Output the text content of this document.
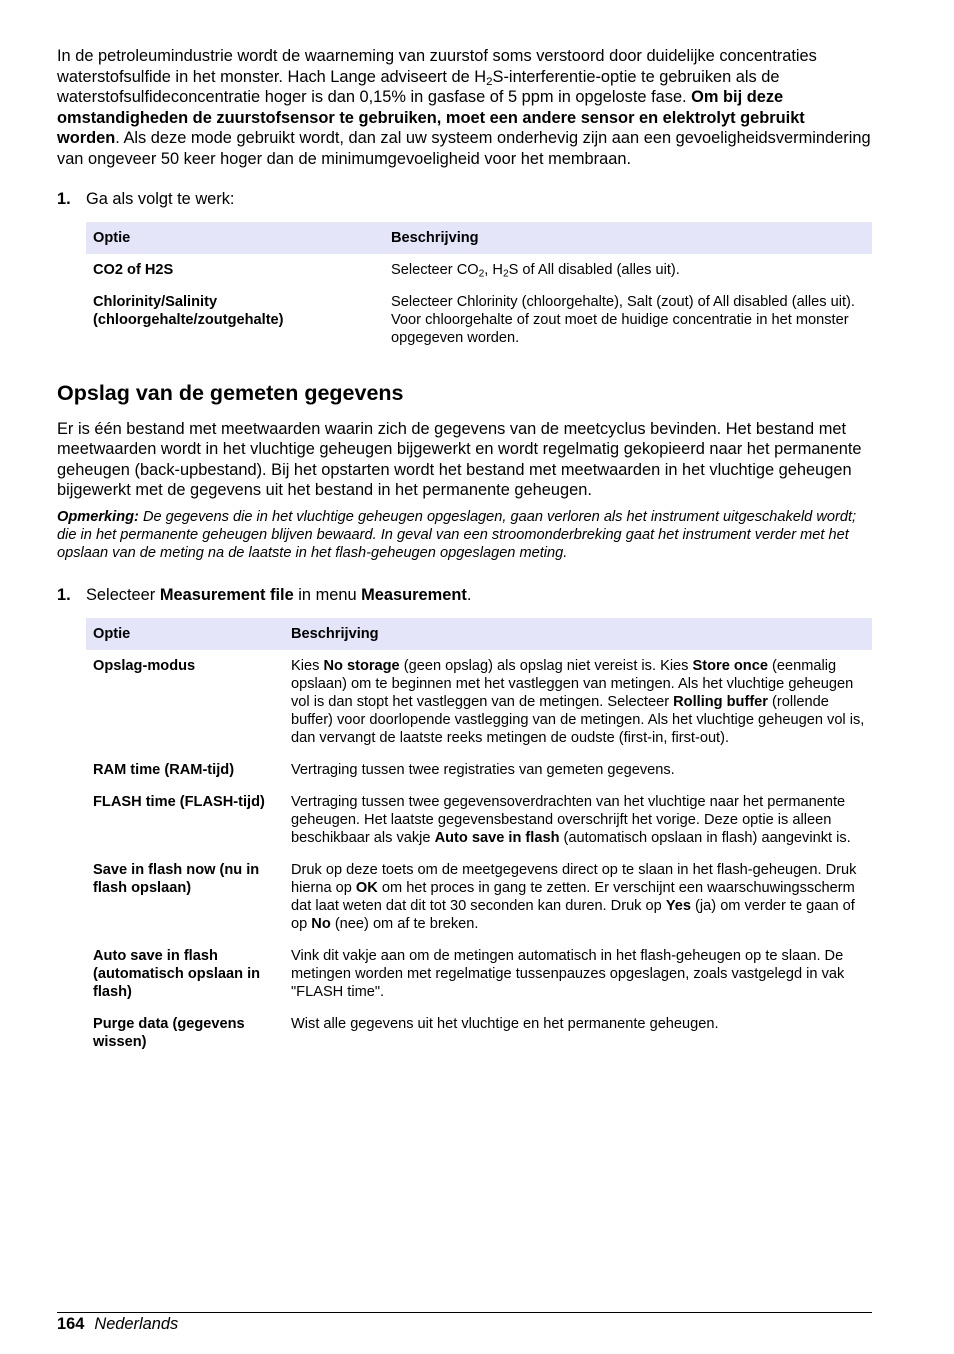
In de petroleumindustrie wordt de waarneming van zuurstof soms verstoord door duidelijke concentraties waterstofsulfide in het monster. Hach Lange adviseert de $H_2S-interferentie$-optie te gebruiken als de waterstofsulfideconcentratie hoger is dan 0,15% in gasfase of 5 ppm in opgeloste fase. Om bij deze omstandigheden de zuurstofsensor te gebruiken, moet een andere sensor en elektrolyt gebruikt worden. Als deze mode gebruikt wordt, dan zal uw systeem onderhevig zijn aan een gevoeligheidsvermindering van ongeveer 50 keer hoger dan de minimumgevoeligheid voor het membraan.

1. Ga als volgt te werk:
Optie	Beschrijving
CO2 of H2S	Selecteer $CO_2$, $H_2S$ of All disabled (alles uit).
Chlorinity/Salinity (chloorgehalte/zoutgehalte)	Selecteer Chlorinity (chloorgehalte), Salt (zout) of All disabled (alles uit). Voor chloorgehalte of zout moet de huidige concentratie in het monster opgegeven worden.
Opslag van de gemeten gegevens

Er is één bestand met meetwaarden waarin zich de gegevens van de meetcyclus bevinden. Het bestand met meetwaarden wordt in het vluchtige geheugen bijgewerkt en wordt regelmatig gekopieerd naar het permanente geheugen (back-upbestand). Bij het opstarten wordt het bestand met meetwaarden in het vluchtige geheugen bijgewerkt met de gegevens uit het bestand in het permanente geheugen.

Opmerking: De gegevens die in het vluchtige geheugen opgeslagen, gaan verloren als het instrument uitgeschakeld wordt; die in het permanente geheugen blijven bewaard. In geval van een stroomonderbreking gaat het instrument verder met het opslaan van de meting na de laatste in het flash-geheugen opgeslagen meting.

1. Selecteer Measurement file in menu Measurement.
Optie	Beschrijving
Opslag-modus	Kies No storage (geen opslag) als opslag niet vereist is. Kies Store once (eenmalig opslaan) om te beginnen met het vastleggen van metingen. Als het vluchtige geheugen vol is dan stopt het vastleggen van de metingen. Selecteer Rolling buffer (rollende buffer) voor doorlopende vastlegging van de metingen. Als het vluchtige geheugen vol is, dan vervangt de laatste reeks metingen de oudste (first-in, first-out).
RAM time (RAM-tijd)	Vertraging tussen twee registraties van gemeten gegevens.
FLASH time (FLASH-tijd)	Vertraging tussen twee gegevensoverdrachten van het vluchtige naar het permanente geheugen. Het laatste gegevensbestand overschrijft het vorige. Deze optie is alleen beschikbaar als vakje Auto save in flash (automatisch opslaan in flash) aangevinkt is.
Save in flash now (nu in flash opslaan)	Druk op deze toets om de meetgegevens direct op te slaan in het flash-geheugen. Druk hierna op OK om het proces in gang te zetten. Er verschijnt een waarschuwingsscherm dat laat weten dat dit tot 30 seconden kan duren. Druk op Yes (ja) om verder te gaan of op No (nee) om af te breken.
Auto save in flash (automatisch opslaan in flash)	Vink dit vakje aan om de metingen automatisch in het flash-geheugen op te slaan. De metingen worden met regelmatige tussenpauzes opgeslagen, zoals vastgelegd in vak "FLASH time".
Purge data (gegevens wissen)	Wist alle gegevens uit het vluchtige en het permanente geheugen.
164 Nederlands
